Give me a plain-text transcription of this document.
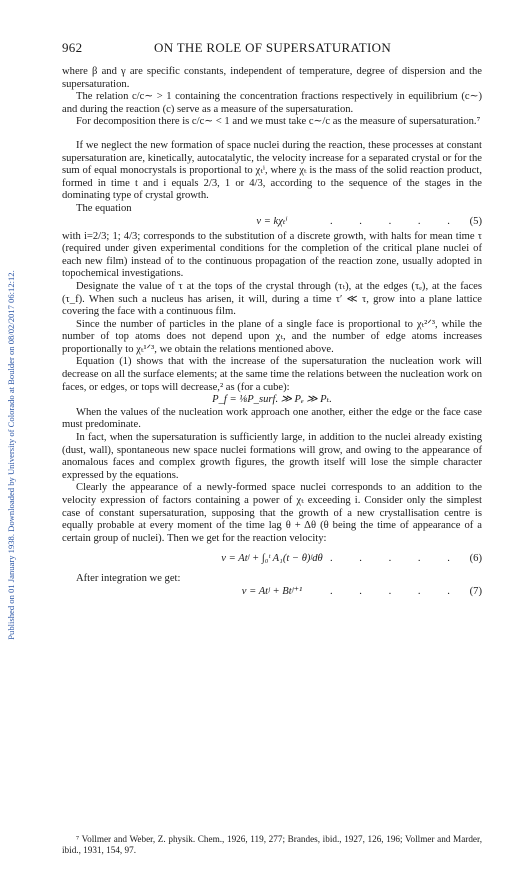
Published on 01 January 1938. Downloaded by University of Colorado at Boulder on 08/02/2017 06:12:12.
962	ON THE ROLE OF SUPERSATURATION

where β and γ are specific constants, independent of temperature, degree of dispersion and the supersaturation.

The relation c/c∼ > 1 containing the concentration fractions respectively in equilibrium (c∼) and during the reaction (c) serve as a measure of the supersaturation.

For decomposition there is c/c∼ < 1 and we must take c∼/c as the measure of supersaturation.⁷

If we neglect the new formation of space nuclei during the reaction, these processes at constant supersaturation are, kinetically, autocatalytic, the velocity increase for a separated crystal or for the sum of equal monocrystals is proportional to χₜⁱ, where χₜ is the mass of the solid reaction product, formed in time t and i equals 2/3, 1 or 4/3, according to the sequence of the stages in the dominating type of crystal growth.

The equation

v = kχₜⁱ	. . . . . (5)

with i=2/3; 1; 4/3; corresponds to the substitution of a discrete growth, with halts for mean time τ (required under given experimental conditions for the completion of the critical plane nuclei of each new film) instead of to the continuous propagation of the reaction zone, usually adopted in topochemical investigations.

Designate the value of τ at the tops of the crystal through (τₜ), at the edges (τₑ), at the faces (τ_f). When such a nucleus has arisen, it will, during a time τ′ ≪ τ, grow into a plane lattice covering the face with a continuous film.

Since the number of particles in the plane of a single face is proportional to χₜ²ᐟ³, while the number of top atoms does not depend upon χₜ, and the number of edge atoms increases proportionally to χₜ¹ᐟ³, we obtain the relations mentioned above.

Equation (1) shows that with the increase of the supersaturation the nucleation work will decrease on all the surface elements; at the same time the relations between the nucleation work on faces, or edges, or tops will decrease,² as (for a cube):

P_f = ⅛P_surf. ≫ Pₑ ≫ Pₜ.

When the values of the nucleation work approach one another, either the edge or the face case must predominate.

In fact, when the supersaturation is sufficiently large, in addition to the nuclei already existing (dust, wall), spontaneous new space nuclei formations will grow, and owing to the appearance of anomalous faces and complex growth figures, the growth itself will lose the simple character expressed by the equations.

Clearly the appearance of a newly-formed space nuclei corresponds to an addition to the velocity expression of factors containing a power of χₜ exceeding i. Consider only the simplest case of constant supersaturation, supposing that the growth of a new crystallisation centre is equally probable at every moment of the time lag θ + Δθ (θ being the time of appearance of a certain group of nuclei). Then we get for the reaction velocity:

v = Atʲ + ∫₀ᵗ A₁(t − θ)ʲdθ . . . . . (6)

After integration we get:

v = Atʲ + Btʲ⁺¹	. . . . . (7)

⁷ Vollmer and Weber, Z. physik. Chem., 1926, 119, 277; Brandes, ibid., 1927, 126, 196; Vollmer and Marder, ibid., 1931, 154, 97.
